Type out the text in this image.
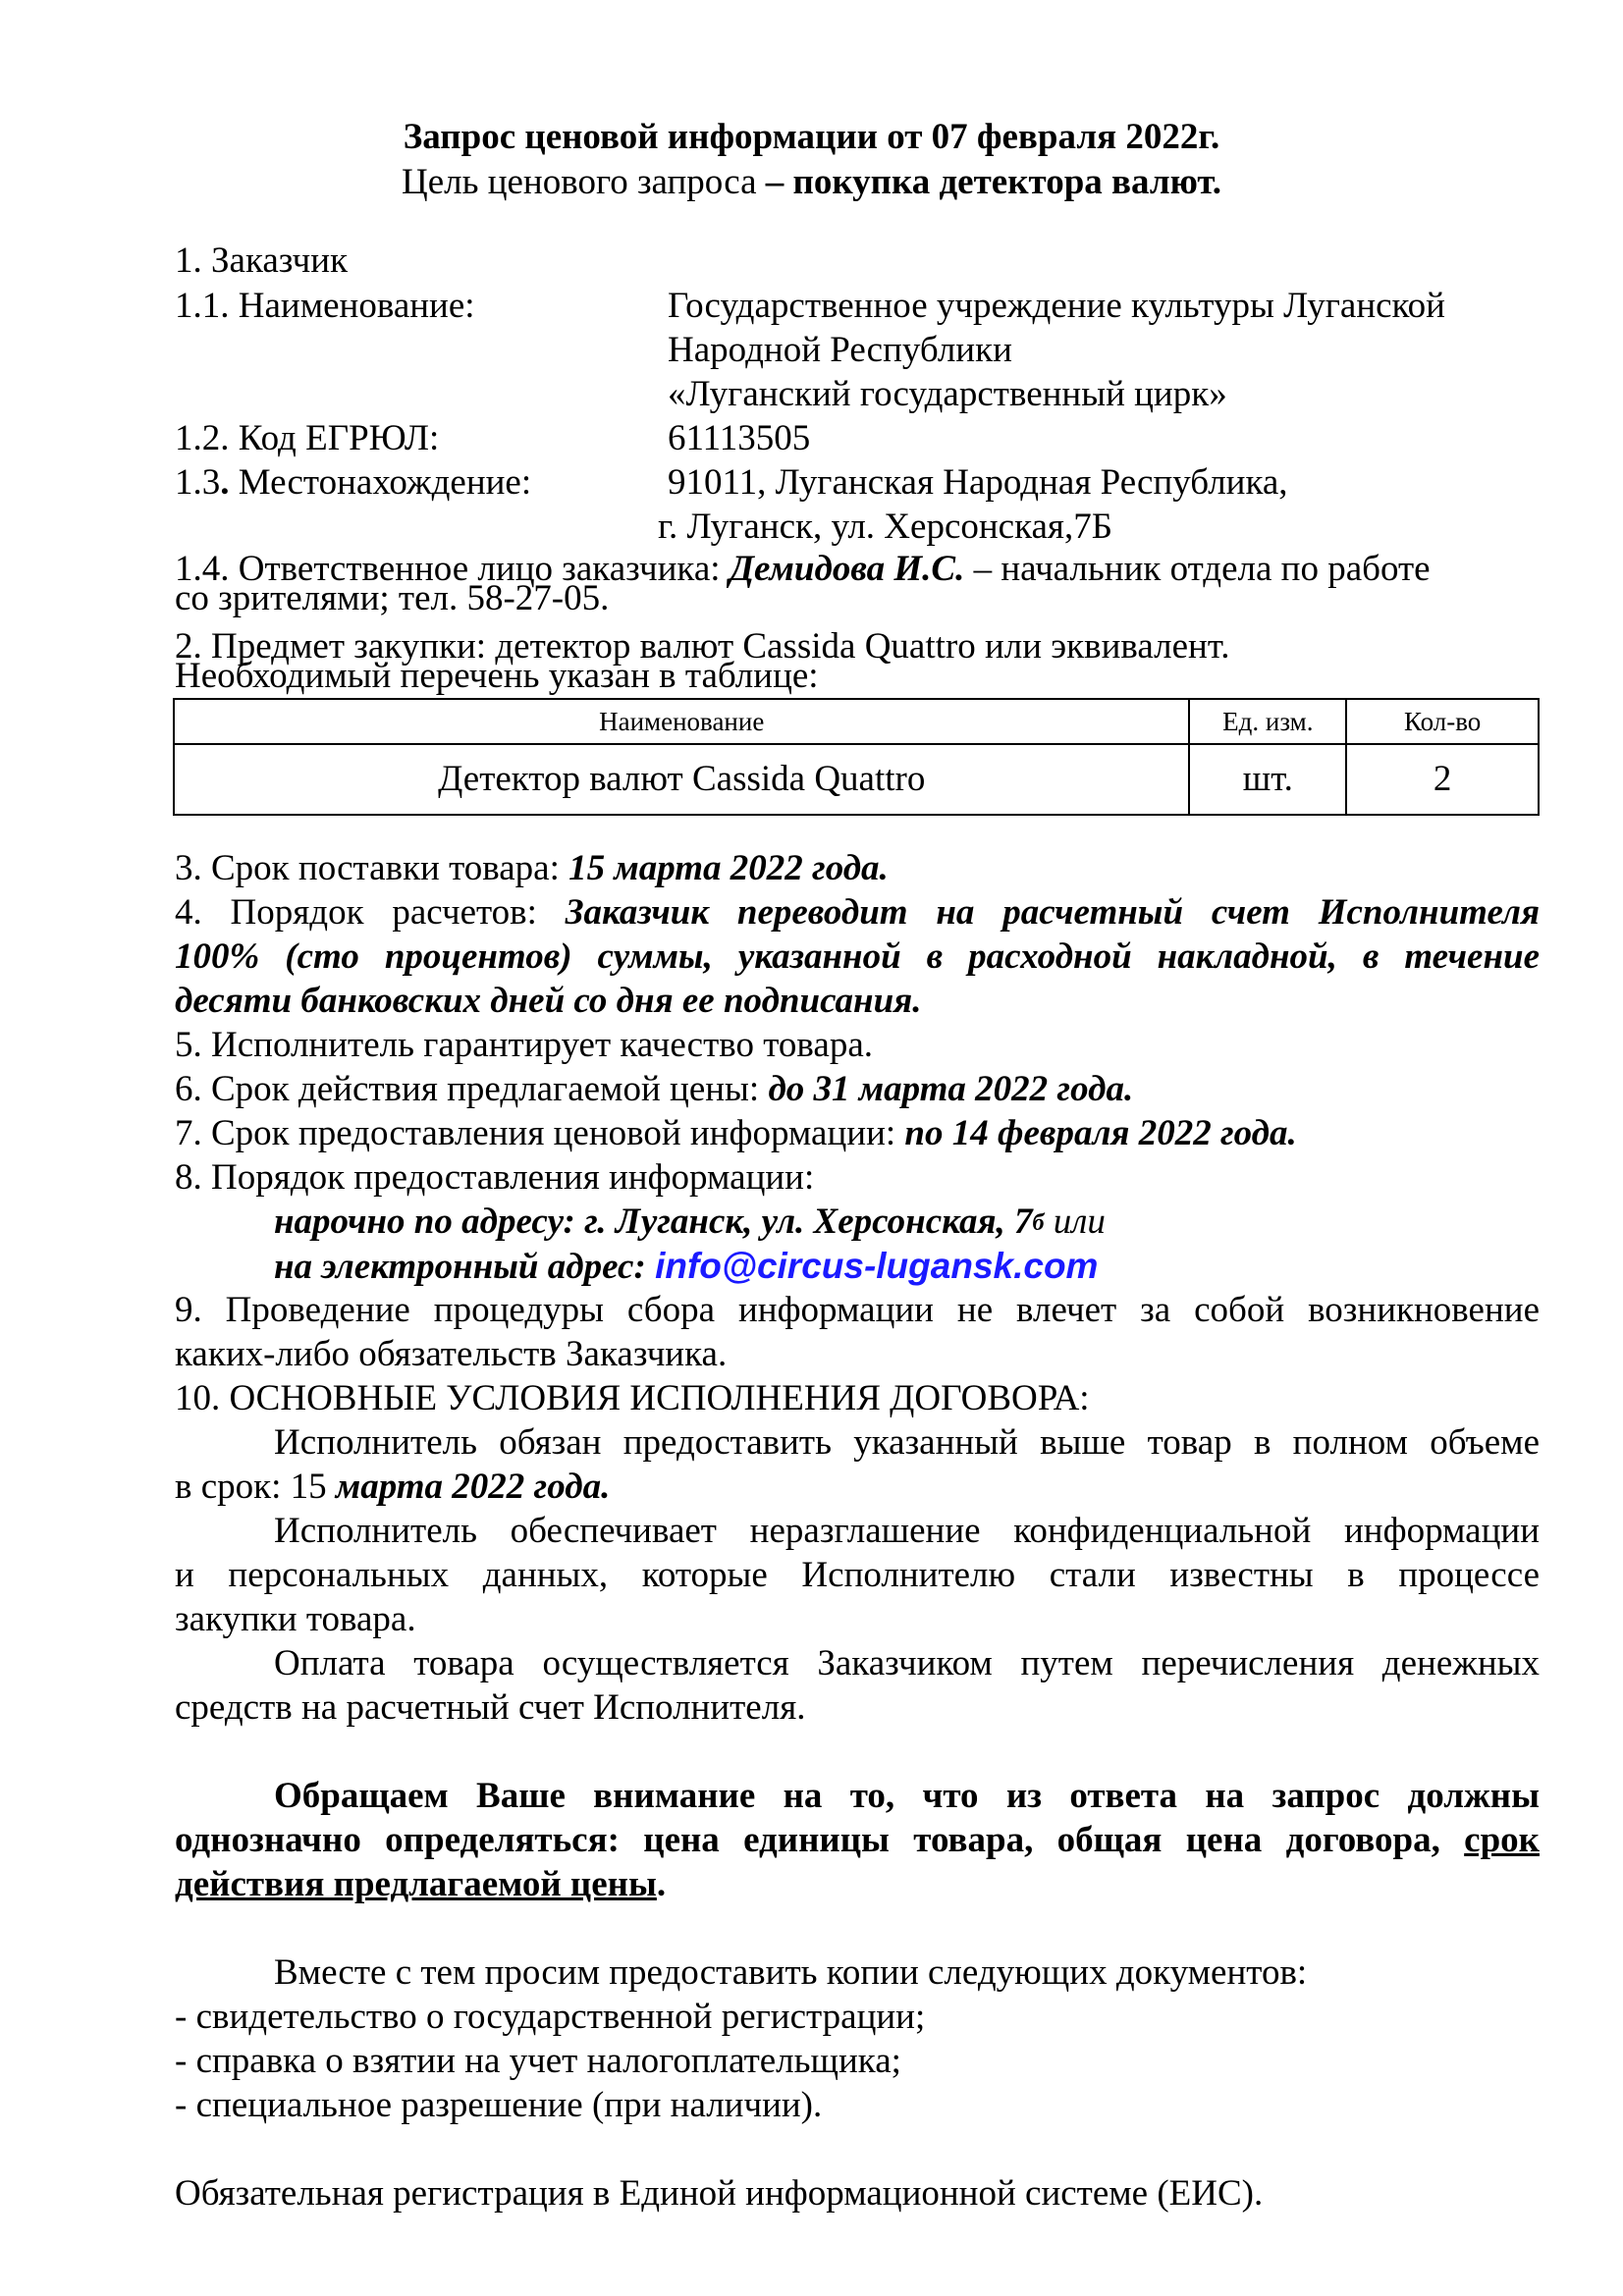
Запрос ценовой информации от 07 февраля 2022г.
Цель ценового запроса – покупка детектора валют.
1. Заказчик
1.1. Наименование:	Государственное учреждение культуры Луганской
Народной Республики
«Луганский государственный цирк»
1.2. Код ЕГРЮЛ:	61113505
1.3. Местонахождение:	91011, Луганская Народная Республика,
г. Луганск, ул. Херсонская,7Б
1.4. Ответственное лицо заказчика: Демидова И.С. – начальник отдела по работе
со зрителями; тел. 58-27-05.
2. Предмет закупки: детектор валют Cassida Quattro или эквивалент.
Необходимый перечень указан в таблице:
Наименование	Ед. изм.	Кол-во
Детектор валют Cassida Quattro	шт.	2
3. Срок поставки товара: 15 марта 2022 года.
4. Порядок расчетов: Заказчик переводит на расчетный счет Исполнителя
100% (сто процентов) суммы, указанной в расходной накладной, в течение
десяти банковских дней со дня ее подписания.
5. Исполнитель гарантирует качество товара.
6. Срок действия предлагаемой цены: до 31 марта 2022 года.
7. Срок предоставления ценовой информации: по 14 февраля 2022 года.
8. Порядок предоставления информации:
нарочно по адресу: г. Луганск, ул. Херсонская, $7^б$ или
на электронный адрес: info@circus-lugansk.com
9. Проведение процедуры сбора информации не влечет за собой возникновение
каких-либо обязательств Заказчика.
10. ОСНОВНЫЕ УСЛОВИЯ ИСПОЛНЕНИЯ ДОГОВОРА:
Исполнитель обязан предоставить указанный выше товар в полном объеме
в срок: 15 марта 2022 года.
Исполнитель обеспечивает неразглашение конфиденциальной информации
и персональных данных, которые Исполнителю стали известны в процессе
закупки товара.
Оплата товара осуществляется Заказчиком путем перечисления денежных
средств на расчетный счет Исполнителя.
Обращаем Ваше внимание на то, что из ответа на запрос должны
однозначно определяться: цена единицы товара, общая цена договора, срок
действия предлагаемой цены.
Вместе с тем просим предоставить копии следующих документов:
- свидетельство о государственной регистрации;
- справка о взятии на учет налогоплательщика;
- специальное разрешение (при наличии).
Обязательная регистрация в Единой информационной системе (ЕИС).
